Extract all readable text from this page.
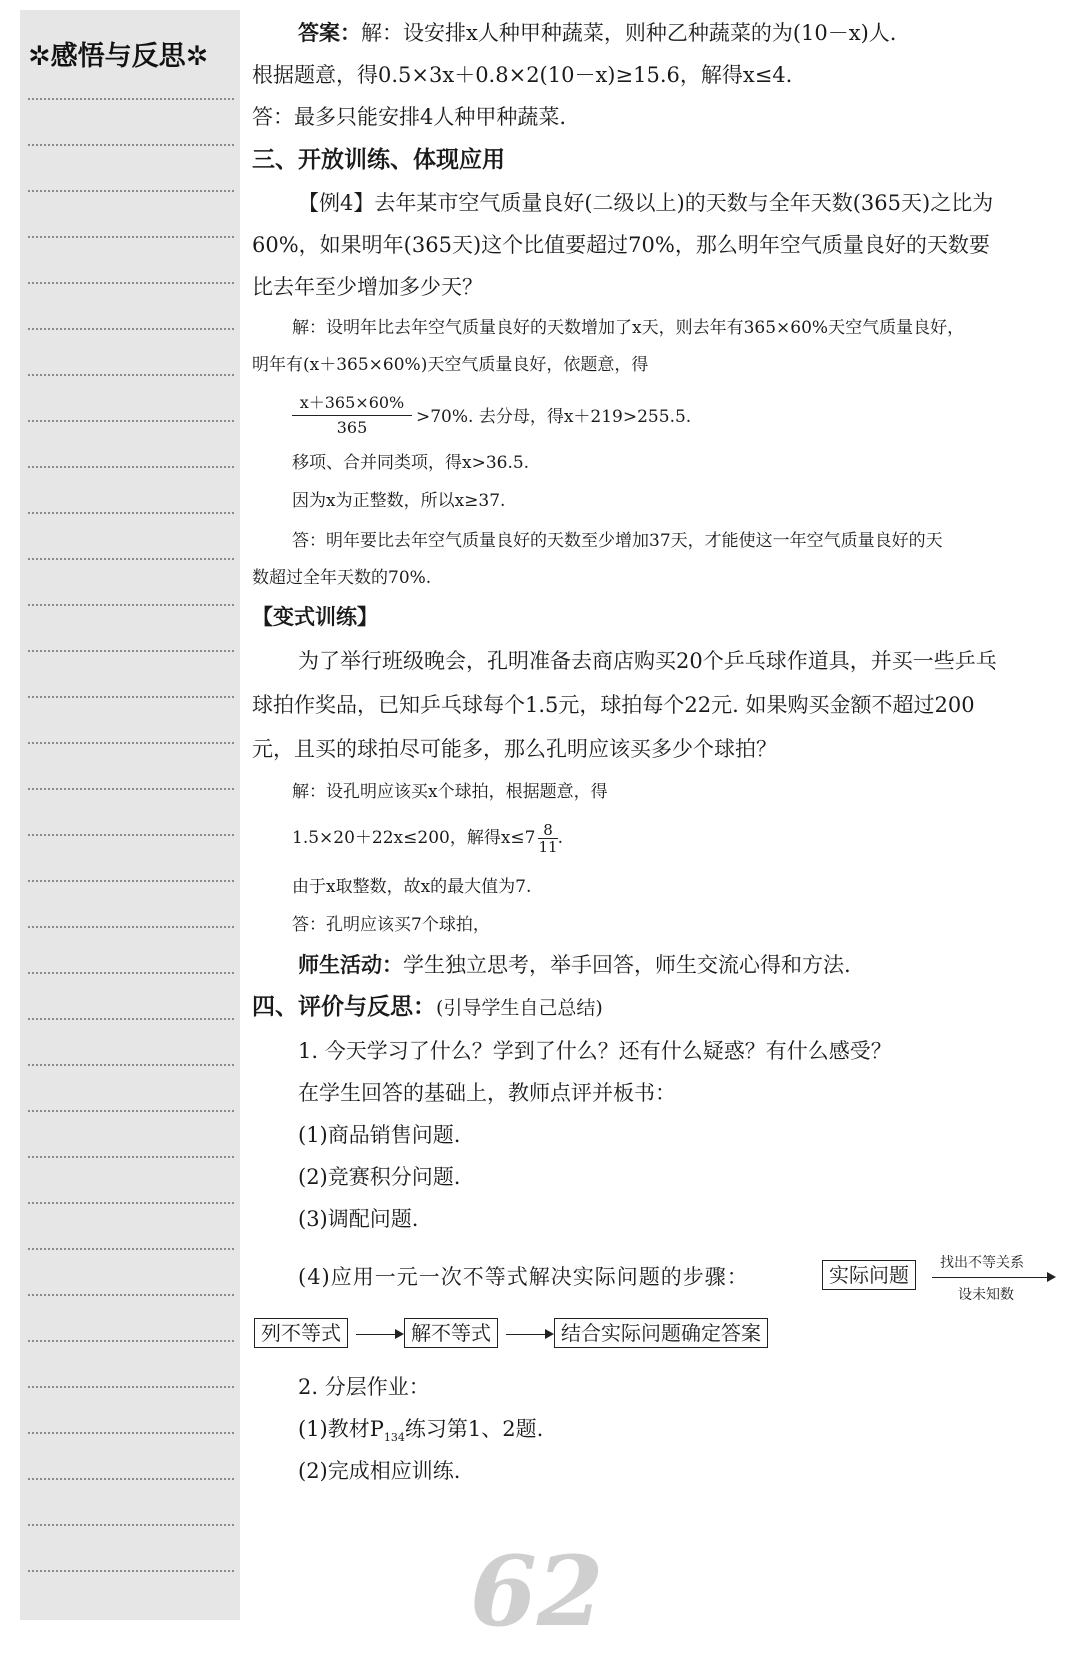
✲感悟与反思✲
答案：解：设安排x人种甲种蔬菜，则种乙种蔬菜的为(10－x)人.
根据题意，得0.5×3x＋0.8×2(10－x)≥15.6，解得x≤4.
答：最多只能安排4人种甲种蔬菜.
三、开放训练、体现应用
【例4】去年某市空气质量良好(二级以上)的天数与全年天数(365天)之比为
60%，如果明年(365天)这个比值要超过70%，那么明年空气质量良好的天数要
比去年至少增加多少天？
解：设明年比去年空气质量良好的天数增加了x天，则去年有365×60%天空气质量良好，
明年有(x＋365×60%)天空气质量良好，依题意，得
$\frac{x+365\times 60\%}{365} >70\%$. 去分母，得x＋219>255.5.
移项、合并同类项，得x>36.5.
因为x为正整数，所以x≥37.
答：明年要比去年空气质量良好的天数至少增加37天，才能使这一年空气质量良好的天
数超过全年天数的70%.
【变式训练】
为了举行班级晚会，孔明准备去商店购买20个乒乓球作道具，并买一些乒乓
球拍作奖品，已知乒乓球每个1.5元，球拍每个22元. 如果购买金额不超过200
元，且买的球拍尽可能多，那么孔明应该买多少个球拍？
解：设孔明应该买x个球拍，根据题意，得
1.5×20＋22x≤200，解得$x\le 7 \frac{8}{11}$ .
由于x取整数，故x的最大值为7.
答：孔明应该买7个球拍，
师生活动：学生独立思考，举手回答，师生交流心得和方法.
四、评价与反思：(引导学生自己总结)
1. 今天学习了什么？学到了什么？还有什么疑惑？有什么感受？
在学生回答的基础上，教师点评并板书：
(1)商品销售问题.
(2)竞赛积分问题.
(3)调配问题.
(4)应用一元一次不等式解决实际问题的步骤：	实际问题	找出不等关系
设未知数
列不等式	解不等式	结合实际问题确定答案
2. 分层作业：
(1)教材$P_{134}$练习第1、2题.
(2)完成相应训练.
62
